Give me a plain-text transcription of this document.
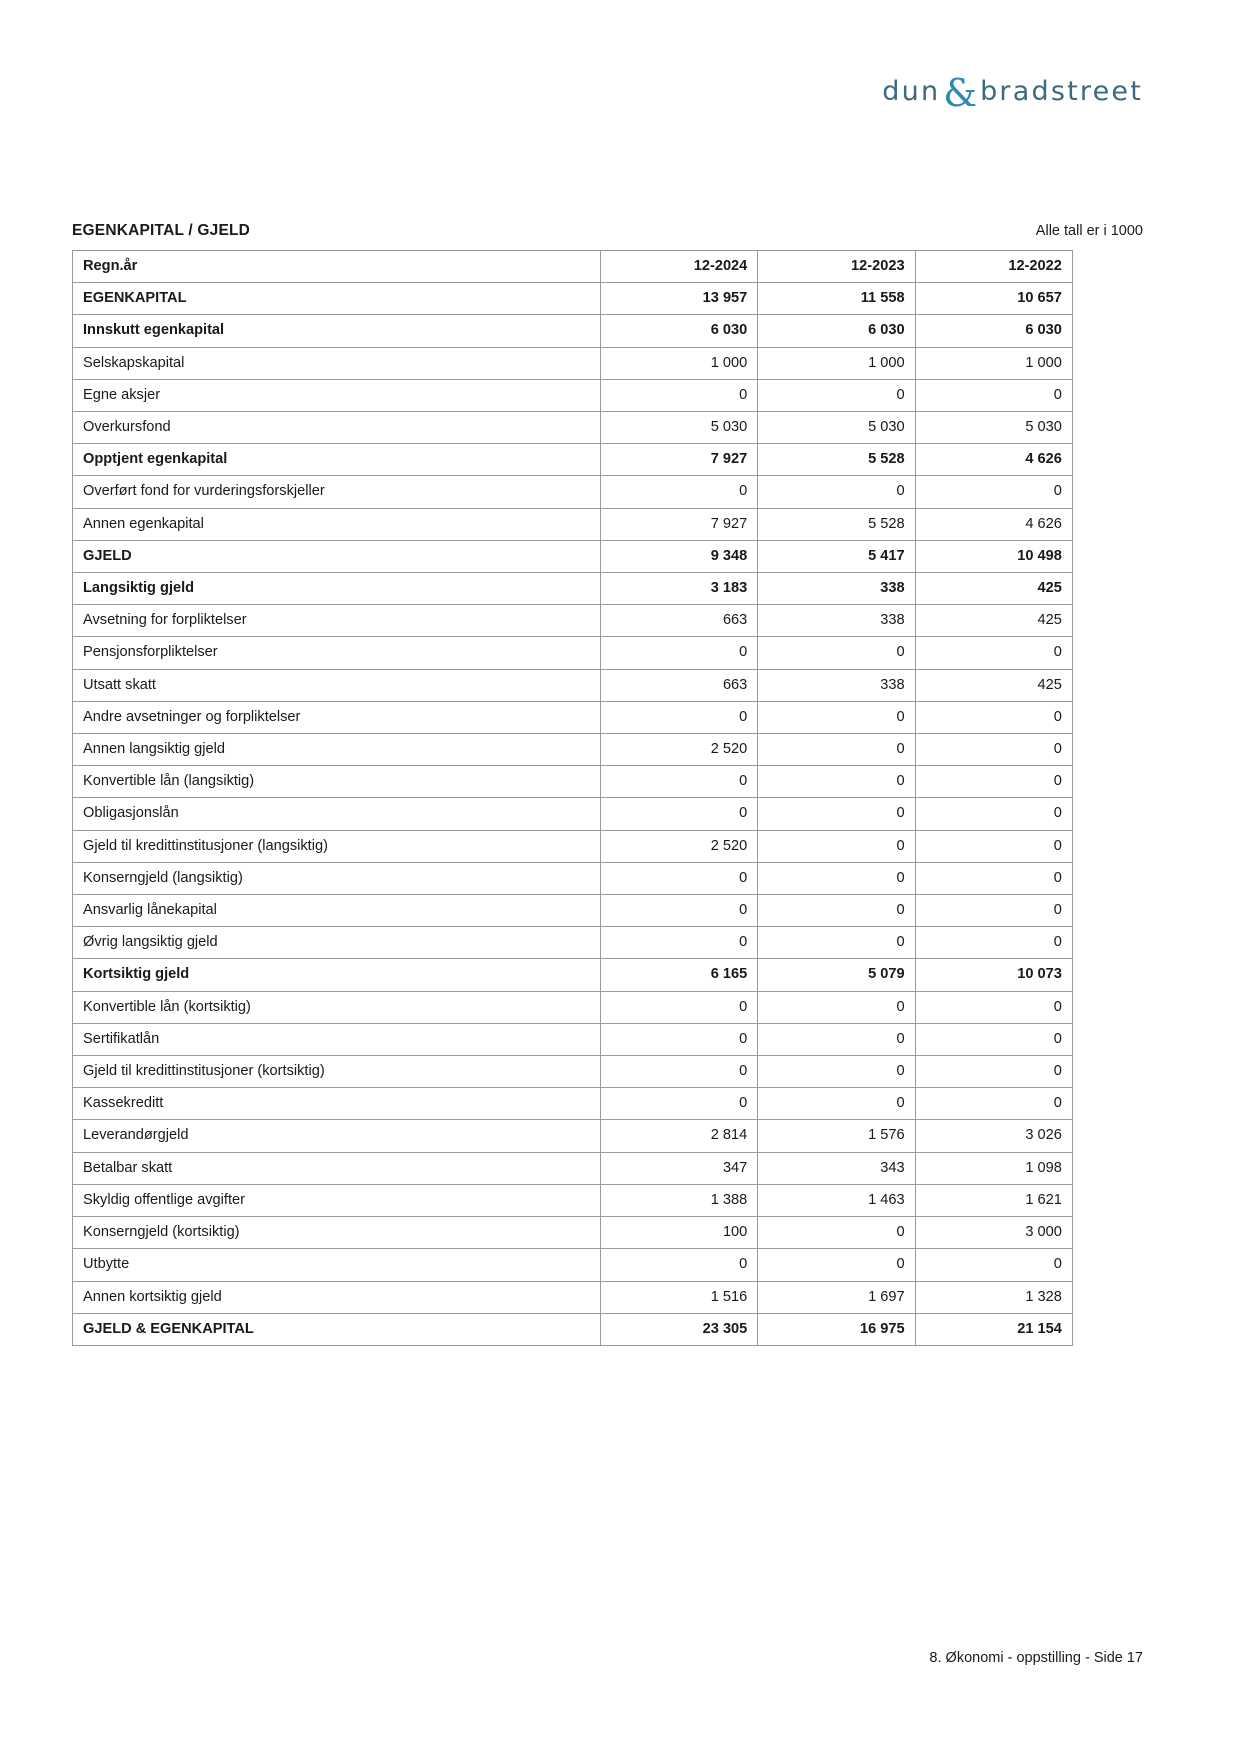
dun & bradstreet
EGENKAPITAL / GJELD	Alle tall er i 1000
Regn.år	12-2024	12-2023	12-2022
EGENKAPITAL	13 957	11 558	10 657
Innskutt egenkapital	6 030	6 030	6 030
Selskapskapital	1 000	1 000	1 000
Egne aksjer	0	0	0
Overkursfond	5 030	5 030	5 030
Opptjent egenkapital	7 927	5 528	4 626
Overført fond for vurderingsforskjeller	0	0	0
Annen egenkapital	7 927	5 528	4 626
GJELD	9 348	5 417	10 498
Langsiktig gjeld	3 183	338	425
Avsetning for forpliktelser	663	338	425
Pensjonsforpliktelser	0	0	0
Utsatt skatt	663	338	425
Andre avsetninger og forpliktelser	0	0	0
Annen langsiktig gjeld	2 520	0	0
Konvertible lån (langsiktig)	0	0	0
Obligasjonslån	0	0	0
Gjeld til kredittinstitusjoner (langsiktig)	2 520	0	0
Konserngjeld (langsiktig)	0	0	0
Ansvarlig lånekapital	0	0	0
Øvrig langsiktig gjeld	0	0	0
Kortsiktig gjeld	6 165	5 079	10 073
Konvertible lån (kortsiktig)	0	0	0
Sertifikatlån	0	0	0
Gjeld til kredittinstitusjoner (kortsiktig)	0	0	0
Kassekreditt	0	0	0
Leverandørgjeld	2 814	1 576	3 026
Betalbar skatt	347	343	1 098
Skyldig offentlige avgifter	1 388	1 463	1 621
Konserngjeld (kortsiktig)	100	0	3 000
Utbytte	0	0	0
Annen kortsiktig gjeld	1 516	1 697	1 328
GJELD & EGENKAPITAL	23 305	16 975	21 154
8. Økonomi - oppstilling - Side 17
